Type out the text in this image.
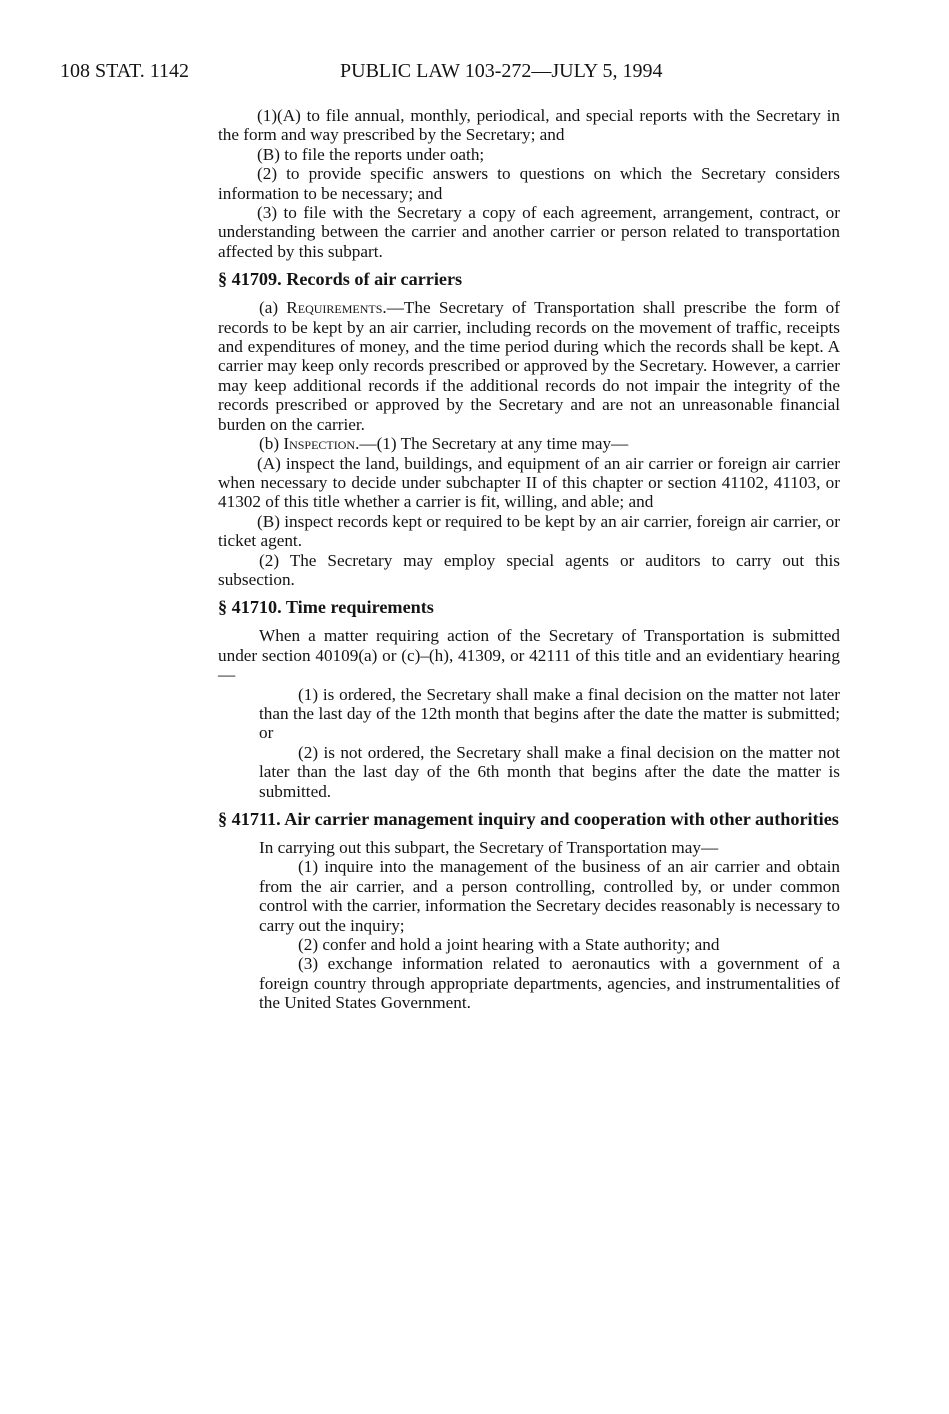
108 STAT. 1142	PUBLIC LAW 103-272—JULY 5, 1994

(1)(A) to file annual, monthly, periodical, and special reports with the Secretary in the form and way prescribed by the Secretary; and

(B) to file the reports under oath;

(2) to provide specific answers to questions on which the Secretary considers information to be necessary; and

(3) to file with the Secretary a copy of each agreement, arrangement, contract, or understanding between the carrier and another carrier or person related to transportation affected by this subpart.

§ 41709. Records of air carriers

(a) Requirements.—The Secretary of Transportation shall prescribe the form of records to be kept by an air carrier, including records on the movement of traffic, receipts and expenditures of money, and the time period during which the records shall be kept. A carrier may keep only records prescribed or approved by the Secretary. However, a carrier may keep additional records if the additional records do not impair the integrity of the records prescribed or approved by the Secretary and are not an unreasonable financial burden on the carrier.

(b) Inspection.—(1) The Secretary at any time may—

(A) inspect the land, buildings, and equipment of an air carrier or foreign air carrier when necessary to decide under subchapter II of this chapter or section 41102, 41103, or 41302 of this title whether a carrier is fit, willing, and able; and

(B) inspect records kept or required to be kept by an air carrier, foreign air carrier, or ticket agent.

(2) The Secretary may employ special agents or auditors to carry out this subsection.

§ 41710. Time requirements

When a matter requiring action of the Secretary of Transportation is submitted under section 40109(a) or (c)–(h), 41309, or 42111 of this title and an evidentiary hearing—

(1) is ordered, the Secretary shall make a final decision on the matter not later than the last day of the 12th month that begins after the date the matter is submitted; or

(2) is not ordered, the Secretary shall make a final decision on the matter not later than the last day of the 6th month that begins after the date the matter is submitted.

§ 41711. Air carrier management inquiry and cooperation with other authorities

In carrying out this subpart, the Secretary of Transportation may—

(1) inquire into the management of the business of an air carrier and obtain from the air carrier, and a person controlling, controlled by, or under common control with the carrier, information the Secretary decides reasonably is necessary to carry out the inquiry;

(2) confer and hold a joint hearing with a State authority; and

(3) exchange information related to aeronautics with a government of a foreign country through appropriate departments, agencies, and instrumentalities of the United States Government.
